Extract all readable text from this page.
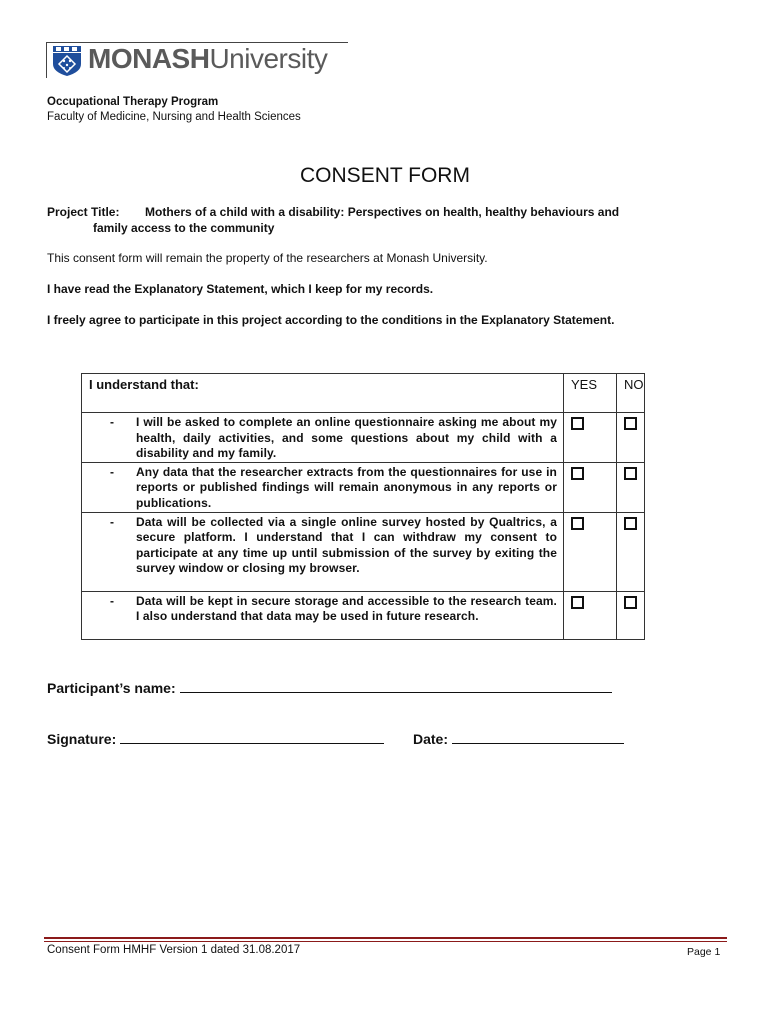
MONASHUniversity
Occupational Therapy Program
Faculty of Medicine, Nursing and Health Sciences
CONSENT FORM
Project Title: Mothers of a child with a disability: Perspectives on health, healthy behaviours and
family access to the community
This consent form will remain the property of the researchers at Monash University.
I have read the Explanatory Statement, which I keep for my records.
I freely agree to participate in this project according to the conditions in the Explanatory Statement.
I understand that:	YES	NO

- I will be asked to complete an online questionnaire asking me about my health, daily activities, and some questions about my child with a disability and my family.		

- Any data that the researcher extracts from the questionnaires for use in reports or published findings will remain anonymous in any reports or publications.		

- Data will be collected via a single online survey hosted by Qualtrics, a secure platform. I understand that I can withdraw my consent to participate at any time up until submission of the survey by exiting the survey window or closing my browser.		

- Data will be kept in secure storage and accessible to the research team. I also understand that data may be used in future research.		

Participant’s name:
Signature:	Date:
Consent Form HMHF Version 1 dated 31.08.2017	Page 1
